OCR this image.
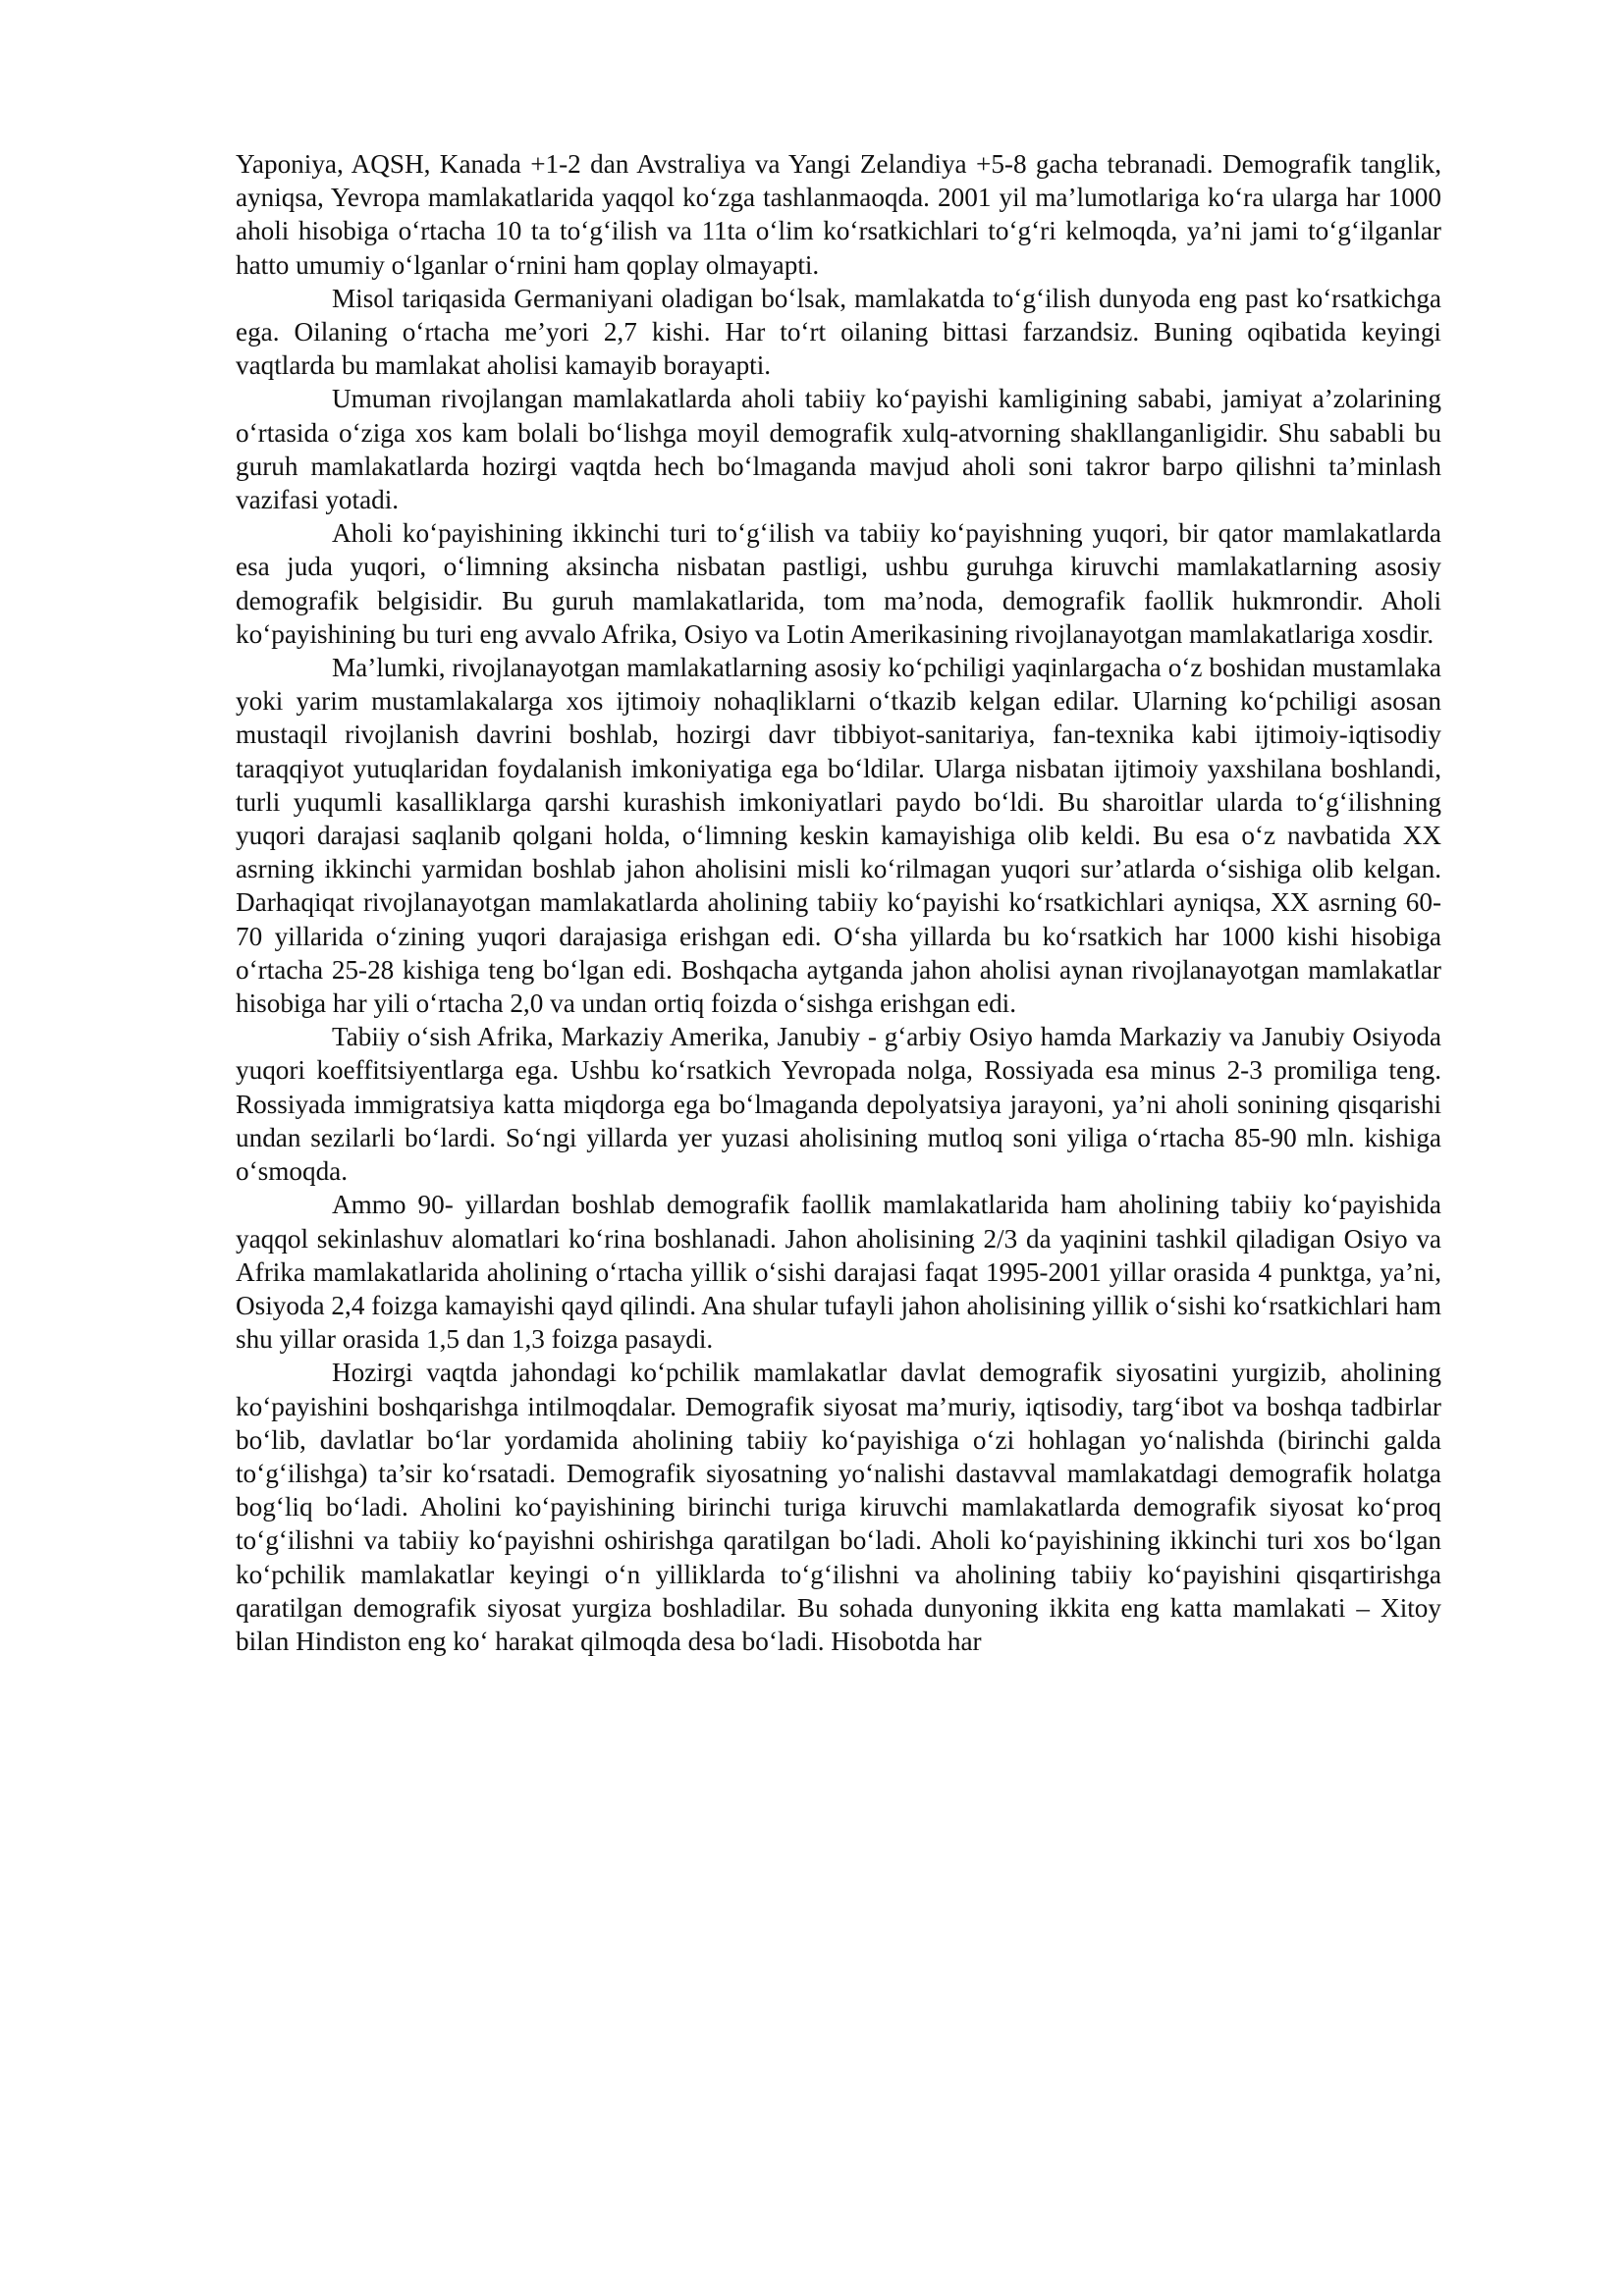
Yaponiya, AQSH, Kanada +1-2 dan Avstraliya va Yangi Zelandiya +5-8 gacha tebranadi. Demografik tanglik, ayniqsa, Yevropa mamlakatlarida yaqqol ko‘zga tashlanmaoqda. 2001 yil ma’lumotlariga ko‘ra ularga har 1000 aholi hisobiga o‘rtacha 10 ta to‘g‘ilish va 11ta o‘lim ko‘rsatkichlari to‘g‘ri kelmoqda, ya’ni jami to‘g‘ilganlar hatto umumiy o‘lganlar o‘rnini ham qoplay olmayapti.

Misol tariqasida Germaniyani oladigan bo‘lsak, mamlakatda to‘g‘ilish dunyoda eng past ko‘rsatkichga ega. Oilaning o‘rtacha me’yori 2,7 kishi. Har to‘rt oilaning bittasi farzandsiz. Buning oqibatida keyingi vaqtlarda bu mamlakat aholisi kamayib borayapti.

Umuman rivojlangan mamlakatlarda aholi tabiiy ko‘payishi kamligining sababi, jamiyat a’zolarining o‘rtasida o‘ziga xos kam bolali bo‘lishga moyil demografik xulq-atvorning shakllanganligidir. Shu sababli bu guruh mamlakatlarda hozirgi vaqtda hech bo‘lmaganda mavjud aholi soni takror barpo qilishni ta’minlash vazifasi yotadi.

Aholi ko‘payishining ikkinchi turi to‘g‘ilish va tabiiy ko‘payishning yuqori, bir qator mamlakatlarda esa juda yuqori, o‘limning aksincha nisbatan pastligi, ushbu guruhga kiruvchi mamlakatlarning asosiy demografik belgisidir. Bu guruh mamlakatlarida, tom ma’noda, demografik faollik hukmrondir. Aholi ko‘payishining bu turi eng avvalo Afrika, Osiyo va Lotin Amerikasining rivojlanayotgan mamlakatlariga xosdir.

Ma’lumki, rivojlanayotgan mamlakatlarning asosiy ko‘pchiligi yaqinlargacha o‘z boshidan mustamlaka yoki yarim mustamlakalarga xos ijtimoiy nohaqliklarni o‘tkazib kelgan edilar. Ularning ko‘pchiligi asosan mustaqil rivojlanish davrini boshlab, hozirgi davr tibbiyot-sanitariya, fan-texnika kabi ijtimoiy-iqtisodiy taraqqiyot yutuqlaridan foydalanish imkoniyatiga ega bo‘ldilar. Ularga nisbatan ijtimoiy yaxshilana boshlandi, turli yuqumli kasalliklarga qarshi kurashish imkoniyatlari paydo bo‘ldi. Bu sharoitlar ularda to‘g‘ilishning yuqori darajasi saqlanib qolgani holda, o‘limning keskin kamayishiga olib keldi. Bu esa o‘z navbatida XX asrning ikkinchi yarmidan boshlab jahon aholisini misli ko‘rilmagan yuqori sur’atlarda o‘sishiga olib kelgan. Darhaqiqat rivojlanayotgan mamlakatlarda aholining tabiiy ko‘payishi ko‘rsatkichlari ayniqsa, XX asrning 60-70 yillarida o‘zining yuqori darajasiga erishgan edi. O‘sha yillarda bu ko‘rsatkich har 1000 kishi hisobiga o‘rtacha 25-28 kishiga teng bo‘lgan edi. Boshqacha aytganda jahon aholisi aynan rivojlanayotgan mamlakatlar hisobiga har yili o‘rtacha 2,0 va undan ortiq foizda o‘sishga erishgan edi.

Tabiiy o‘sish Afrika, Markaziy Amerika, Janubiy - g‘arbiy Osiyo hamda Markaziy va Janubiy Osiyoda yuqori koeffitsiyentlarga ega. Ushbu ko‘rsatkich Yevropada nolga, Rossiyada esa minus 2-3 promiliga teng. Rossiyada immigratsiya katta miqdorga ega bo‘lmaganda depolyatsiya jarayoni, ya’ni aholi sonining qisqarishi undan sezilarli bo‘lardi. So‘ngi yillarda yer yuzasi aholisining mutloq soni yiliga o‘rtacha 85-90 mln. kishiga o‘smoqda.

Ammo 90- yillardan boshlab demografik faollik mamlakatlarida ham aholining tabiiy ko‘payishida yaqqol sekinlashuv alomatlari ko‘rina boshlanadi. Jahon aholisining 2/3 da yaqinini tashkil qiladigan Osiyo va Afrika mamlakatlarida aholining o‘rtacha yillik o‘sishi darajasi faqat 1995-2001 yillar orasida 4 punktga, ya’ni, Osiyoda 2,4 foizga kamayishi qayd qilindi. Ana shular tufayli jahon aholisining yillik o‘sishi ko‘rsatkichlari ham shu yillar orasida 1,5 dan 1,3 foizga pasaydi.

Hozirgi vaqtda jahondagi ko‘pchilik mamlakatlar davlat demografik siyosatini yurgizib, aholining ko‘payishini boshqarishga intilmoqdalar. Demografik siyosat ma’muriy, iqtisodiy, targ‘ibot va boshqa tadbirlar bo‘lib, davlatlar bo‘lar yordamida aholining tabiiy ko‘payishiga o‘zi hohlagan yo‘nalishda (birinchi galda to‘g‘ilishga) ta’sir ko‘rsatadi. Demografik siyosatning yo‘nalishi dastavval mamlakatdagi demografik holatga bog‘liq bo‘ladi. Aholini ko‘payishining birinchi turiga kiruvchi mamlakatlarda demografik siyosat ko‘proq to‘g‘ilishni va tabiiy ko‘payishni oshirishga qaratilgan bo‘ladi. Aholi ko‘payishining ikkinchi turi xos bo‘lgan ko‘pchilik mamlakatlar keyingi o‘n yilliklarda to‘g‘ilishni va aholining tabiiy ko‘payishini qisqartirishga qaratilgan demografik siyosat yurgiza boshladilar. Bu sohada dunyoning ikkita eng katta mamlakati – Xitoy bilan Hindiston eng ko‘ harakat qilmoqda desa bo‘ladi. Hisobotda har
